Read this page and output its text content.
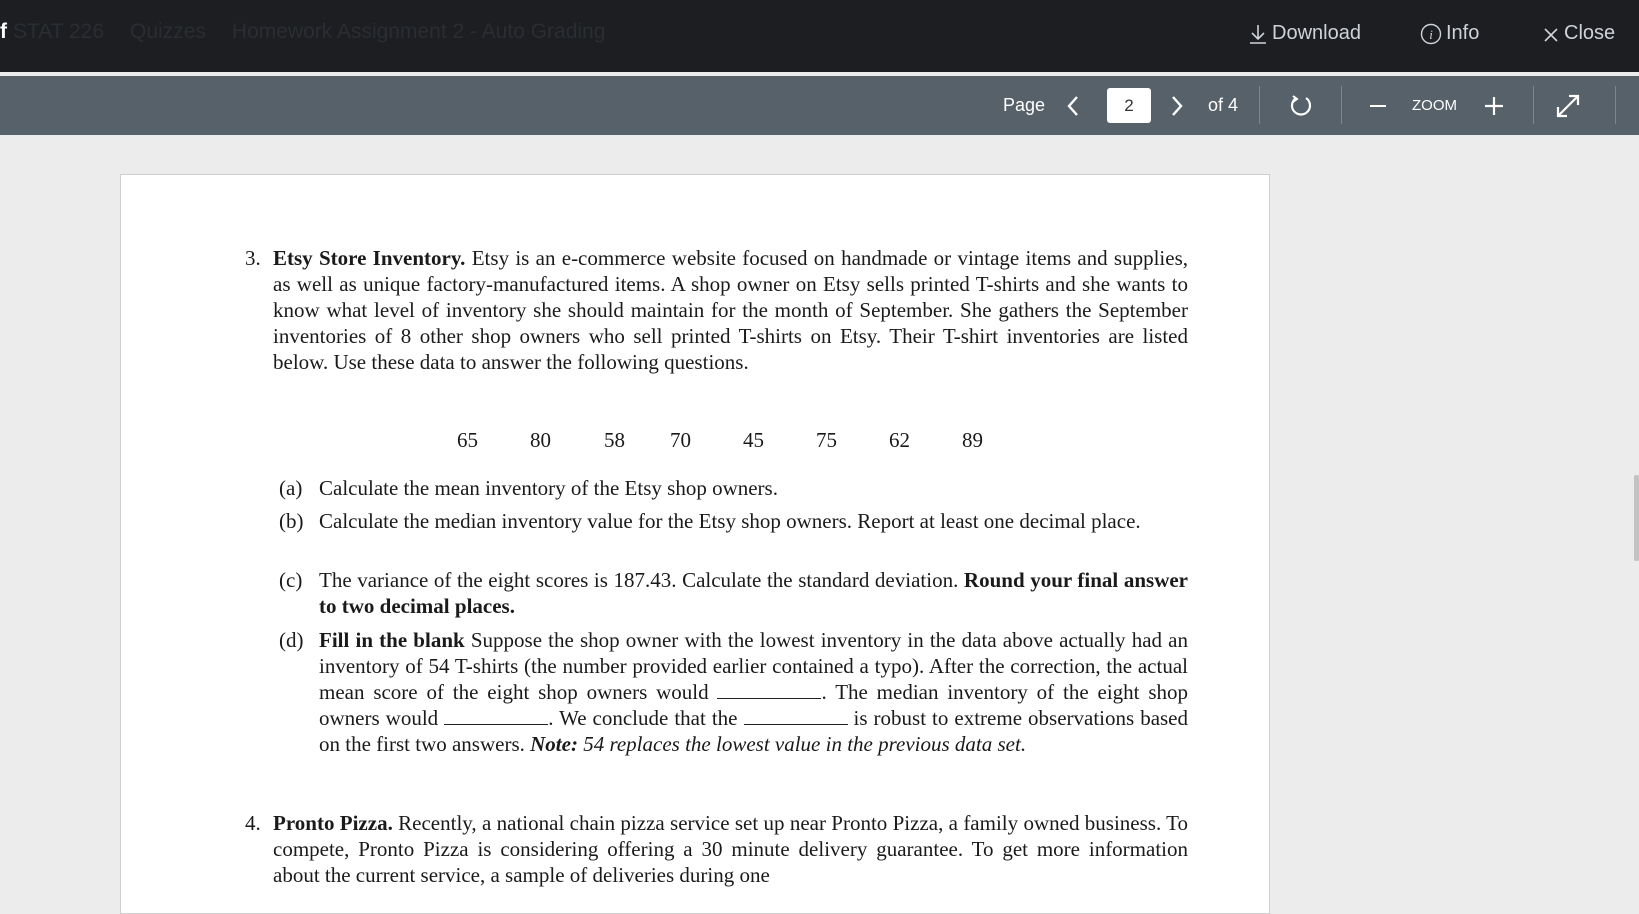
f STAT 226 Quizzes Homework Assignment 2 - Auto Grading	Download	i Info	Close
Page	2	of 4	ZOOM
3. Etsy Store Inventory. Etsy is an e-commerce website focused on handmade or vintage items and supplies, as well as unique factory-manufactured items. A shop owner on Etsy sells printed T-shirts and she wants to know what level of inventory she should maintain for the month of September. She gathers the September inventories of 8 other shop owners who sell printed T-shirts on Etsy. Their T-shirt inventories are listed below. Use these data to answer the following questions.
65 80	58 70 45 75 62 89
(a) Calculate the mean inventory of the Etsy shop owners.
(b) Calculate the median inventory value for the Etsy shop owners. Report at least one decimal place.
(c) The variance of the eight scores is 187.43. Calculate the standard deviation. Round your final answer to two decimal places.
(d) Fill in the blank Suppose the shop owner with the lowest inventory in the data above actually had an inventory of 54 T-shirts (the number provided earlier contained a typo). After the correction, the actual mean score of the eight shop owners would	. The median inventory of the eight shop owners would	. We conclude that the	is robust to extreme observations based on the first two answers. Note: 54 replaces the lowest value in the previous data set.
4. Pronto Pizza. Recently, a national chain pizza service set up near Pronto Pizza, a family owned business. To compete, Pronto Pizza is considering offering a 30 minute delivery guarantee. To get more information about the current service, a sample of deliveries during one
